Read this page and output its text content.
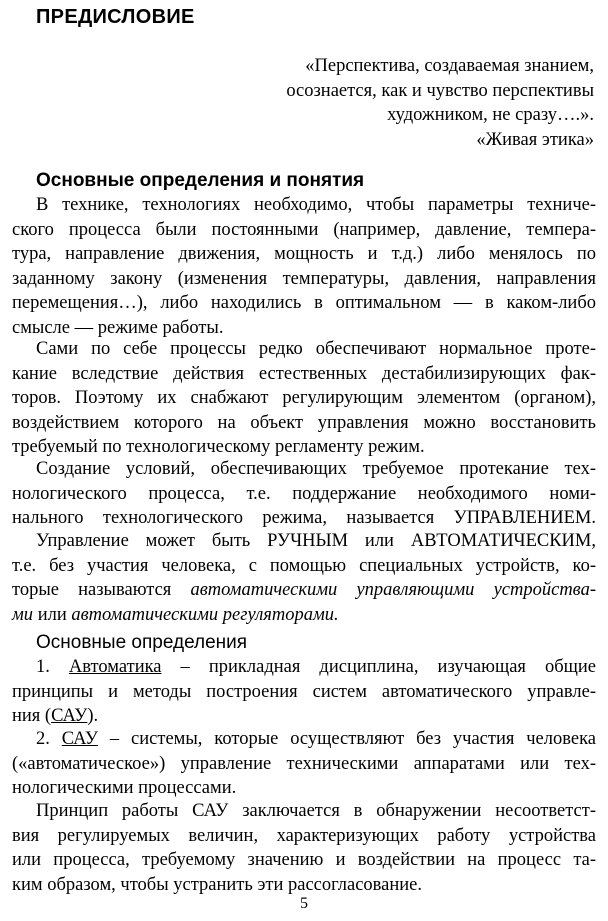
ПРЕДИСЛОВИЕ
«Перспектива, создаваемая знанием,
осознается, как и чувство перспективы
художником, не сразу….».
«Живая этика»
Основные определения и понятия
В технике, технологиях необходимо, чтобы параметры техниче-
ского процесса были постоянными (например, давление, темпера-
тура, направление движения, мощность и т.д.) либо менялось по
заданному закону (изменения температуры, давления, направления
перемещения…), либо находились в оптимальном — в каком-либо
смысле — режиме работы.
Сами по себе процессы редко обеспечивают нормальное проте-
кание вследствие действия естественных дестабилизирующих фак-
торов. Поэтому их снабжают регулирующим элементом (органом),
воздействием которого на объект управления можно восстановить
требуемый по технологическому регламенту режим.
Создание условий, обеспечивающих требуемое протекание тех-
нологического процесса, т.е. поддержание необходимого номи-
нального технологического режима, называется УПРАВЛЕНИЕМ.
Управление может быть РУЧНЫМ или АВТОМАТИЧЕСКИМ,
т.е. без участия человека, с помощью специальных устройств, ко-
торые называются автоматическими управляющими устройства-
ми или автоматическими регуляторами.
Основные определения
1. Автоматика – прикладная дисциплина, изучающая общие
принципы и методы построения систем автоматического управле-
ния (САУ).
2. САУ – системы, которые осуществляют без участия человека
(«автоматическое») управление техническими аппаратами или тех-
нологическими процессами.
Принцип работы САУ заключается в обнаружении несоответст-
вия регулируемых величин, характеризующих работу устройства
или процесса, требуемому значению и воздействии на процесс та-
ким образом, чтобы устранить эти рассогласование.
5
